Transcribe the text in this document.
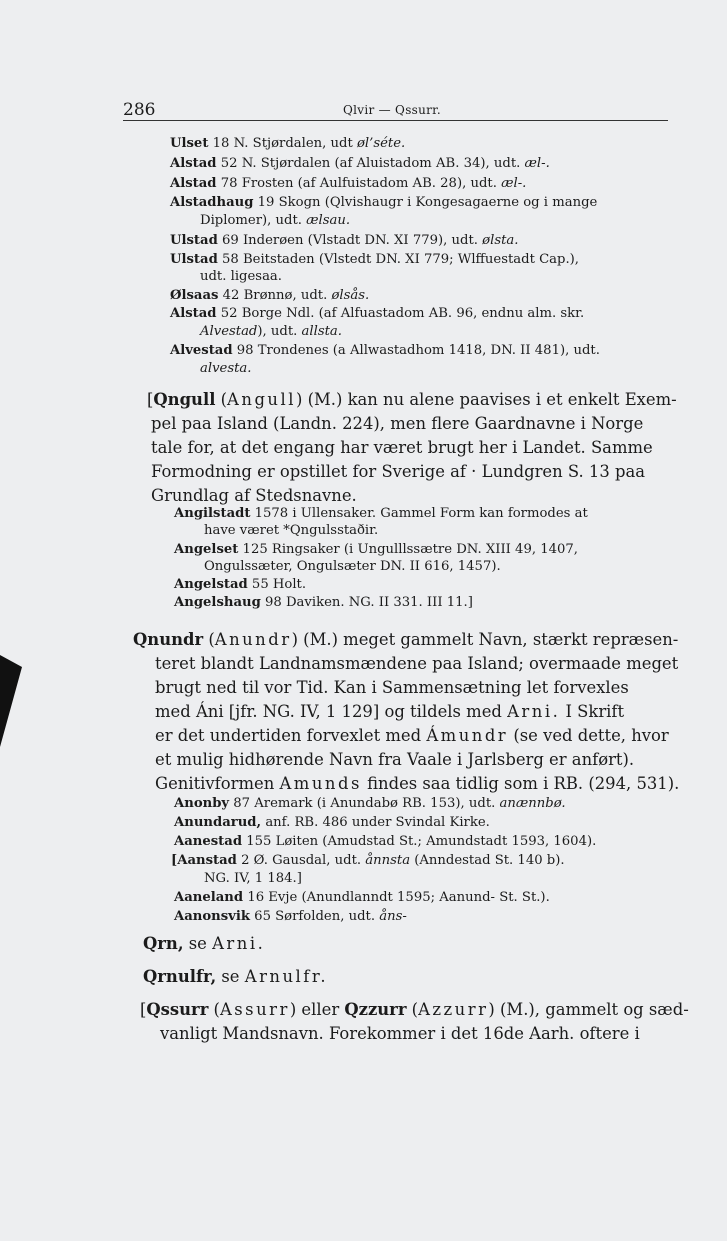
286	Qlvir — Qssurr.
Ulset 18 N. Stjørdalen, udt øl’séte.
Alstad 52 N. Stjørdalen (af Aluistadom AB. 34), udt. æl-.
Alstad 78 Frosten (af Aulfuistadom AB. 28), udt. æl-.
Alstadhaug 19 Skogn (Qlvishaugr i Kongesagaerne og i mange
Diplomer), udt. ælsau.
Ulstad 69 Inderøen (Vlstadt DN. XI 779), udt. ølsta.
Ulstad 58 Beitstaden (Vlstedt DN. XI 779; Wlffuestadt Cap.),
udt. ligesaa.
Ølsaas 42 Brønnø, udt. ølsås.
Alstad 52 Borge Ndl. (af Alfuastadom AB. 96, endnu alm. skr.
Alvestad), udt. allsta.
Alvestad 98 Trondenes (a Allwastadhom 1418, DN. II 481), udt.
alvesta.
[Qngull (Angull) (M.) kan nu alene paavises i et enkelt Exem-
pel paa Island (Landn. 224), men flere Gaardnavne i Norge
tale for, at det engang har været brugt her i Landet. Samme
Formodning er opstillet for Sverige af · Lundgren S. 13 paa
Grundlag af Stedsnavne.
Angilstadt 1578 i Ullensaker. Gammel Form kan formodes at
have været *Qngulsstaðir.
Angelset 125 Ringsaker (i Ungulllssætre DN. XIII 49, 1407,
Ongulssæter, Ongulsæter DN. II 616, 1457).
Angelstad 55 Holt.
Angelshaug 98 Daviken. NG. II 331. III 11.]
Qnundr (Anundr) (M.) meget gammelt Navn, stærkt repræsen-
teret blandt Landnamsmændene paa Island; overmaade meget
brugt ned til vor Tid. Kan i Sammensætning let forvexles
med Áni [jfr. NG. IV, 1 129] og tildels med Arni. I Skrift
er det undertiden forvexlet med Ámundr (se ved dette, hvor
et mulig hidhørende Navn fra Vaale i Jarlsberg er anført).
Genitivformen Amunds findes saa tidlig som i RB. (294, 531).
Anonby 87 Aremark (i Anundabø RB. 153), udt. anænnbø.
Anundarud, anf. RB. 486 under Svindal Kirke.
Aanestad 155 Løiten (Amudstad St.; Amundstadt 1593, 1604).
[Aanstad 2 Ø. Gausdal, udt. ånnsta (Anndestad St. 140 b).
NG. IV, 1 184.]
Aaneland 16 Evje (Anundlanndt 1595; Aanund- St. St.).
Aanonsvik 65 Sørfolden, udt. åns-
Qrn, se Arni.
Qrnulfr, se Arnulfr.
[Qssurr (Assurr) eller Qzzurr (Azzurr) (M.), gammelt og sæd-
vanligt Mandsnavn. Forekommer i det 16de Aarh. oftere i
